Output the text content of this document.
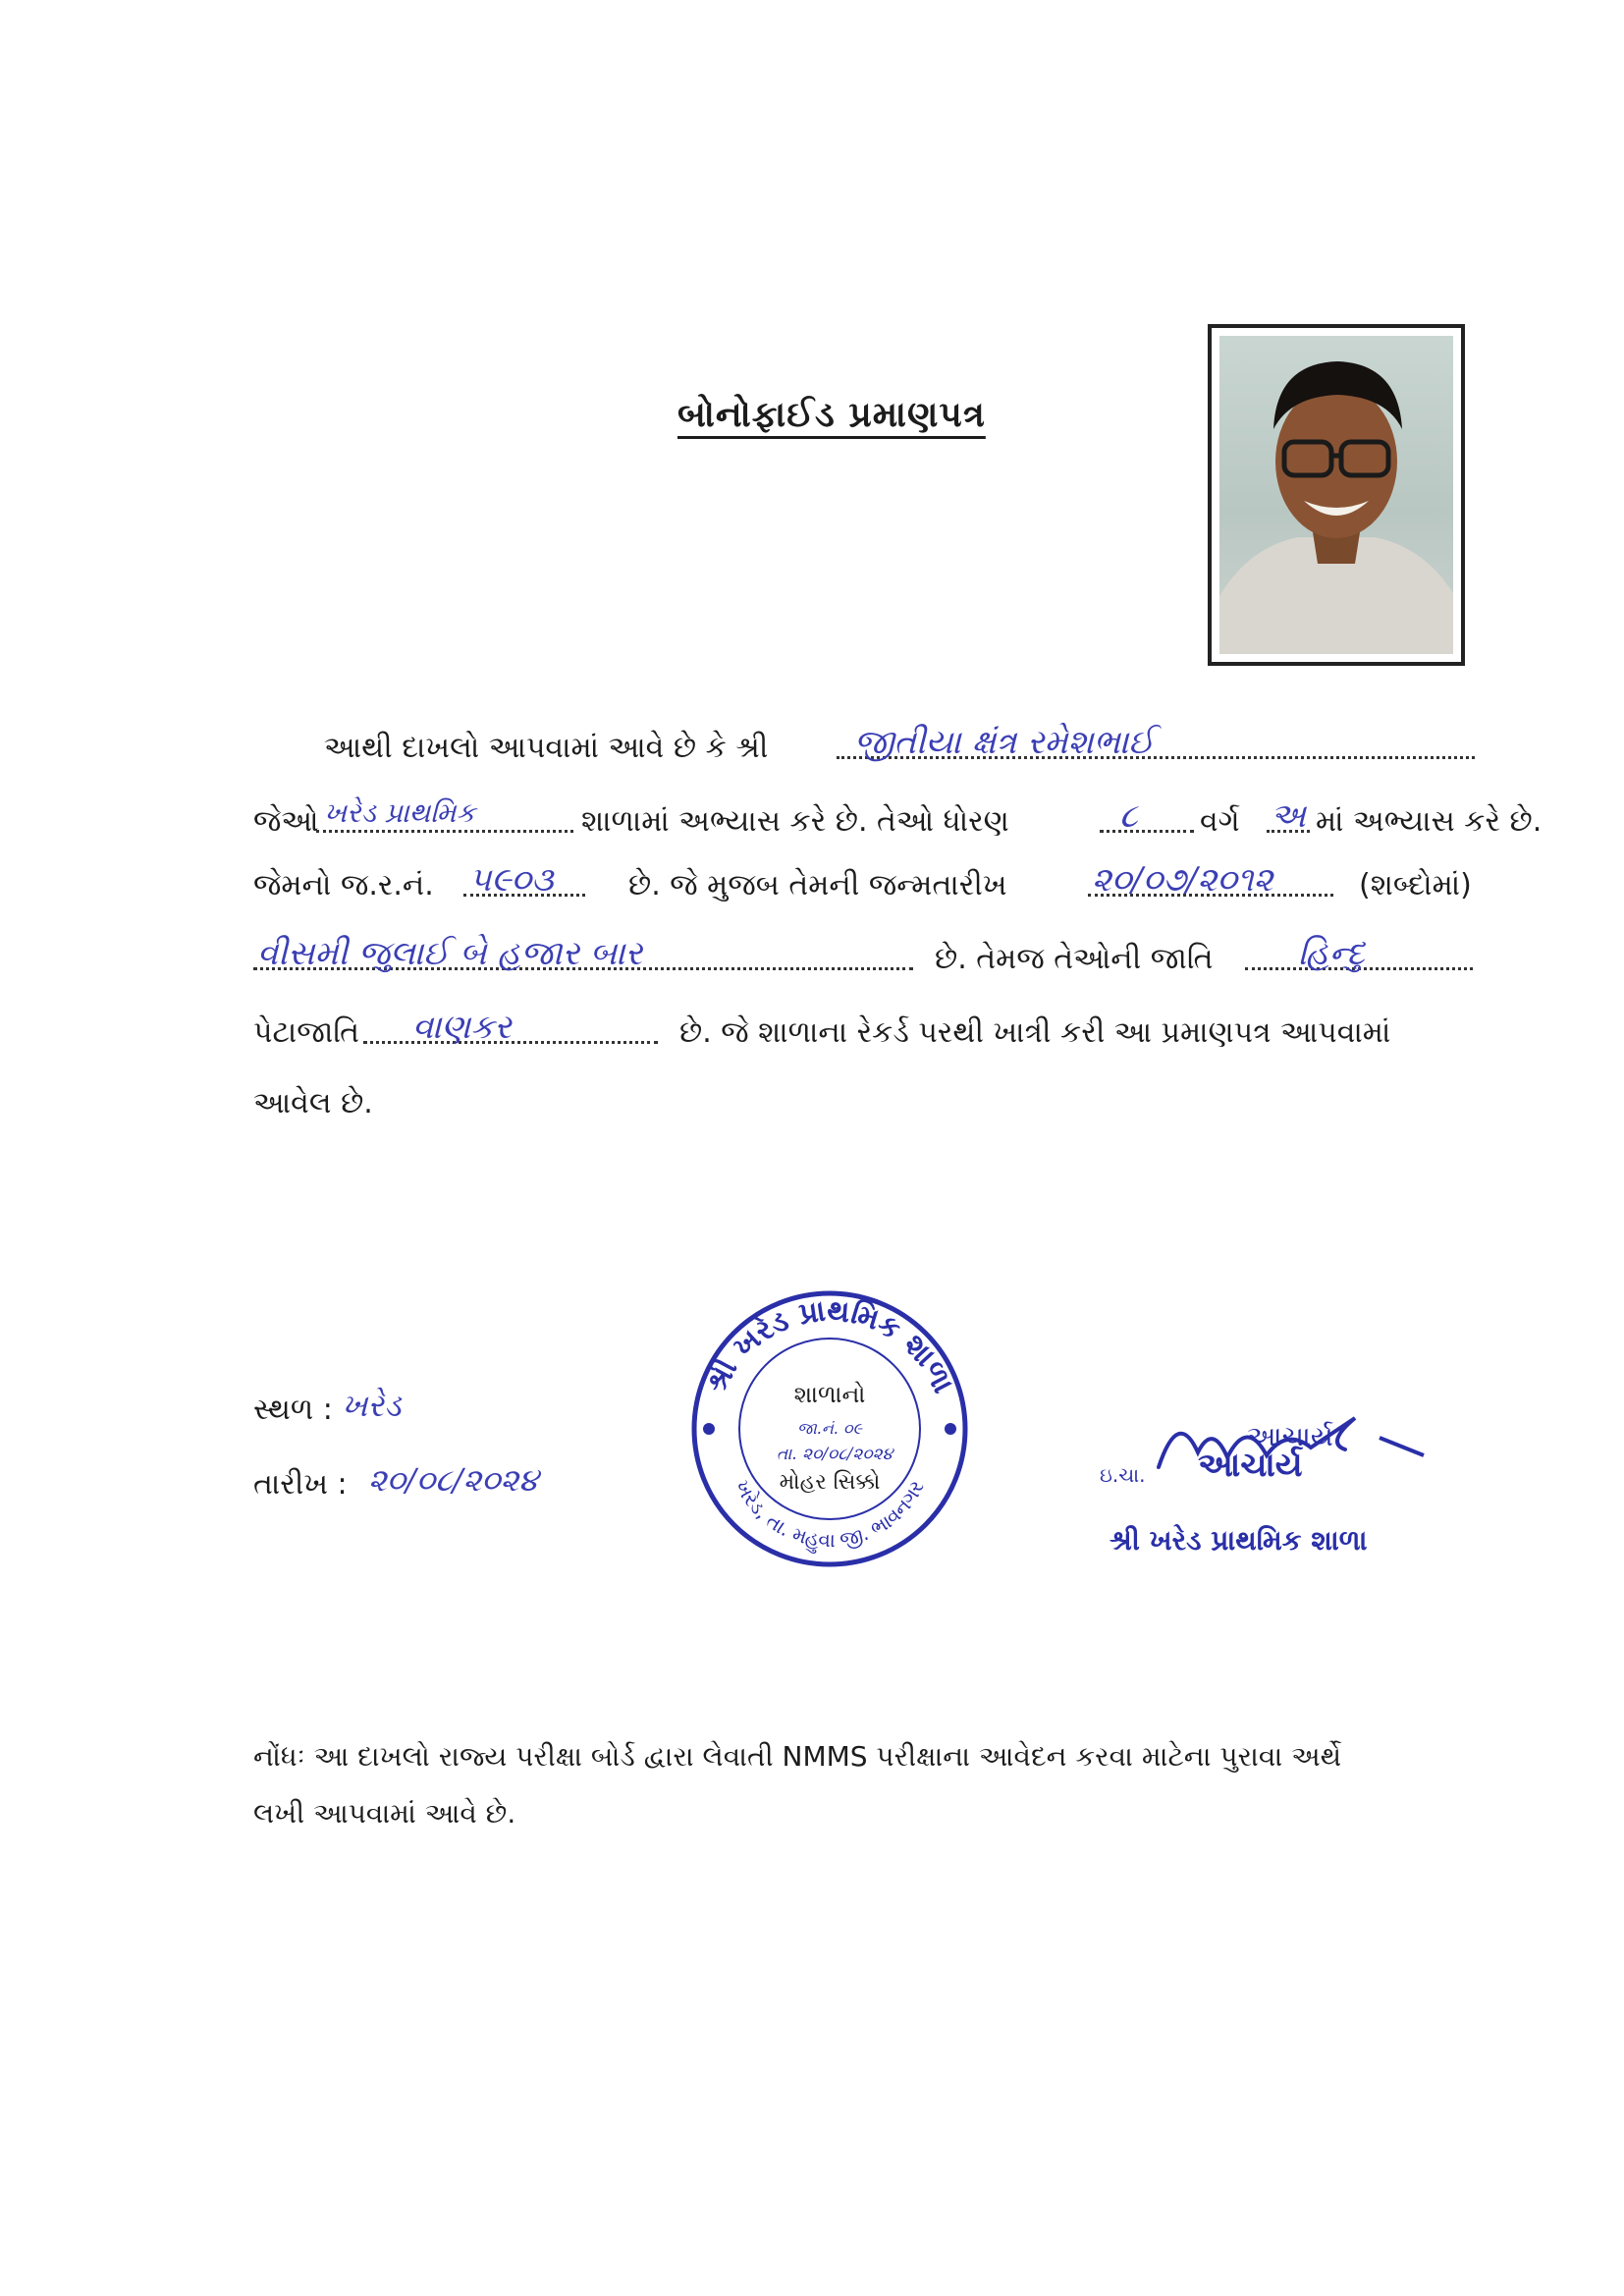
બોનોફાઈડ પ્રમાણપત્ર
આથી દાખલો આપવામાં આવે છે કે શ્રી	જીતીયા ક્ષંત્ર રમેશભાઈ
જેઓ ખરેડ પ્રાથમિક	શાળામાં અભ્યાસ કરે છે. તેઓ ધોરણ	૮ વર્ગ અ માં અભ્યાસ કરે છે.
જેમનો જ.ર.નં. ૫૯૦૩	છે. જે મુજબ તેમની જન્મતારીખ	૨૦/૦૭/૨૦૧૨	(શબ્દોમાં)
વીસમી જુલાઈ બે હજાર બાર	છે. તેમજ તેઓની જાતિ	હિન્દુ
પેટાજાતિ વાણકર	છે. જે શાળાના રેકર્ડ પરથી ખાત્રી કરી આ પ્રમાણપત્ર આપવામાં
આવેલ છે.
સ્થળ : ખરેડ
તારીખ : ૨૦/૦૮/૨૦૨૪
શ્રી ખરેડ પ્રાથમિક શાળા
ખરેડ, તા. મહુવા જી. ભાવનગર
શાળાનો
જા.નં. ૦૯
તા. ૨૦/૦૮/૨૦૨૪
મોહર સિક્કો
આચાર્ય
ઇ.ચા. આચાર્ય
શ્રી ખરેડ પ્રાથમિક શાળા
નોંધઃ આ દાખલો રાજ્ય પરીક્ષા બોર્ડ દ્વારા લેવાતી NMMS પરીક્ષાના આવેદન કરવા માટેના પુરાવા અર્થે લખી આપવામાં આવે છે.
